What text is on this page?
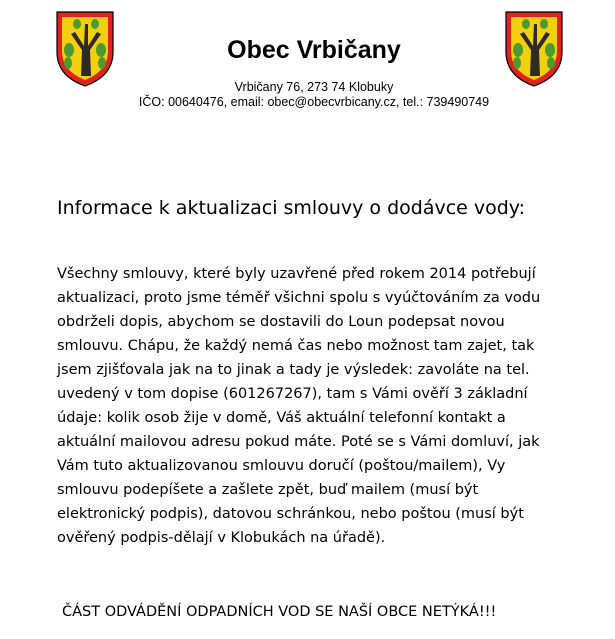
Obec Vrbičany
Vrbičany 76, 273 74 Klobuky
IČO: 00640476, email: obec@obecvrbicany.cz, tel.: 739490749
Informace k aktualizaci smlouvy o dodávce vody:
Všechny smlouvy, které byly uzavřené před rokem 2014 potřebují
aktualizaci, proto jsme téměř všichni spolu s vyúčtováním za vodu
obdrželi dopis, abychom se dostavili do Loun podepsat novou
smlouvu. Chápu, že každý nemá čas nebo možnost tam zajet, tak
jsem zjišťovala jak na to jinak a tady je výsledek: zavoláte na tel.
uvedený v tom dopise (601267267), tam s Vámi ověří 3 základní
údaje: kolik osob žije v domě, Váš aktuální telefonní kontakt a
aktuální mailovou adresu pokud máte. Poté se s Vámi domluví, jak
Vám tuto aktualizovanou smlouvu doručí (poštou/mailem), Vy
smlouvu podepíšete a zašlete zpět, buď mailem (musí být
elektronický podpis), datovou schránkou, nebo poštou (musí být
ověřený podpis-dělají v Klobukách na úřadě).
ČÁST ODVÁDĚNÍ ODPADNÍCH VOD SE NAŠÍ OBCE NETÝKÁ!!!
